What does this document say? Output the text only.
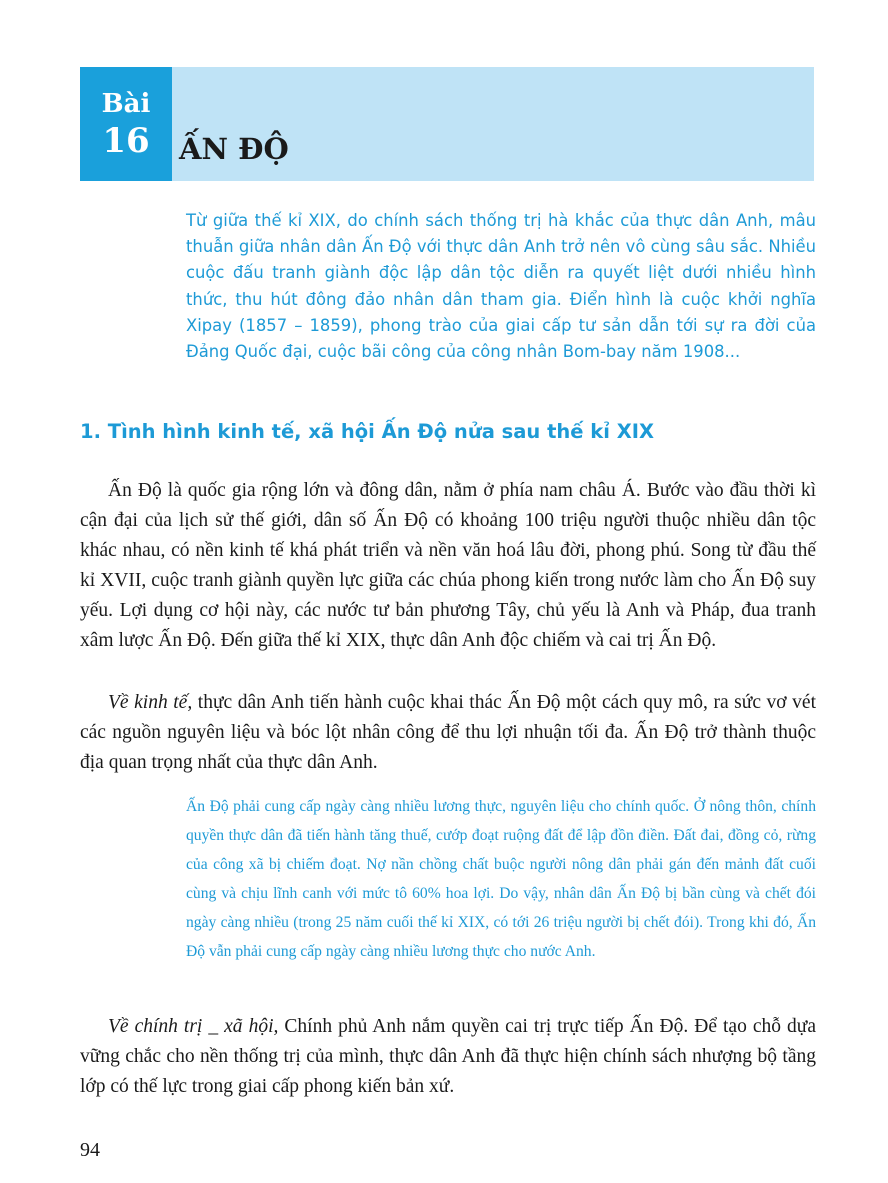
Bài
16	ẤN ĐỘ
Từ giữa thế kỉ XIX, do chính sách thống trị hà khắc của thực dân Anh, mâu thuẫn giữa nhân dân Ấn Độ với thực dân Anh trở nên vô cùng sâu sắc. Nhiều cuộc đấu tranh giành độc lập dân tộc diễn ra quyết liệt dưới nhiều hình thức, thu hút đông đảo nhân dân tham gia. Điển hình là cuộc khởi nghĩa Xipay (1857 – 1859), phong trào của giai cấp tư sản dẫn tới sự ra đời của Đảng Quốc đại, cuộc bãi công của công nhân Bom-bay năm 1908...
1. Tình hình kinh tế, xã hội Ấn Độ nửa sau thế kỉ XIX
Ấn Độ là quốc gia rộng lớn và đông dân, nằm ở phía nam châu Á. Bước vào đầu thời kì cận đại của lịch sử thế giới, dân số Ấn Độ có khoảng 100 triệu người thuộc nhiều dân tộc khác nhau, có nền kinh tế khá phát triển và nền văn hoá lâu đời, phong phú. Song từ đầu thế kỉ XVII, cuộc tranh giành quyền lực giữa các chúa phong kiến trong nước làm cho Ấn Độ suy yếu. Lợi dụng cơ hội này, các nước tư bản phương Tây, chủ yếu là Anh và Pháp, đua tranh xâm lược Ấn Độ. Đến giữa thế kỉ XIX, thực dân Anh độc chiếm và cai trị Ấn Độ.
Về kinh tế, thực dân Anh tiến hành cuộc khai thác Ấn Độ một cách quy mô, ra sức vơ vét các nguồn nguyên liệu và bóc lột nhân công để thu lợi nhuận tối đa. Ấn Độ trở thành thuộc địa quan trọng nhất của thực dân Anh.
Ấn Độ phải cung cấp ngày càng nhiều lương thực, nguyên liệu cho chính quốc. Ở nông thôn, chính quyền thực dân đã tiến hành tăng thuế, cướp đoạt ruộng đất để lập đồn điền. Đất đai, đồng cỏ, rừng của công xã bị chiếm đoạt. Nợ nần chồng chất buộc người nông dân phải gán đến mảnh đất cuối cùng và chịu lĩnh canh với mức tô 60% hoa lợi. Do vậy, nhân dân Ấn Độ bị bần cùng và chết đói ngày càng nhiều (trong 25 năm cuối thế kỉ XIX, có tới 26 triệu người bị chết đói). Trong khi đó, Ấn Độ vẫn phải cung cấp ngày càng nhiều lương thực cho nước Anh.
Về chính trị _ xã hội, Chính phủ Anh nắm quyền cai trị trực tiếp Ấn Độ. Để tạo chỗ dựa vững chắc cho nền thống trị của mình, thực dân Anh đã thực hiện chính sách nhượng bộ tầng lớp có thế lực trong giai cấp phong kiến bản xứ.
94
